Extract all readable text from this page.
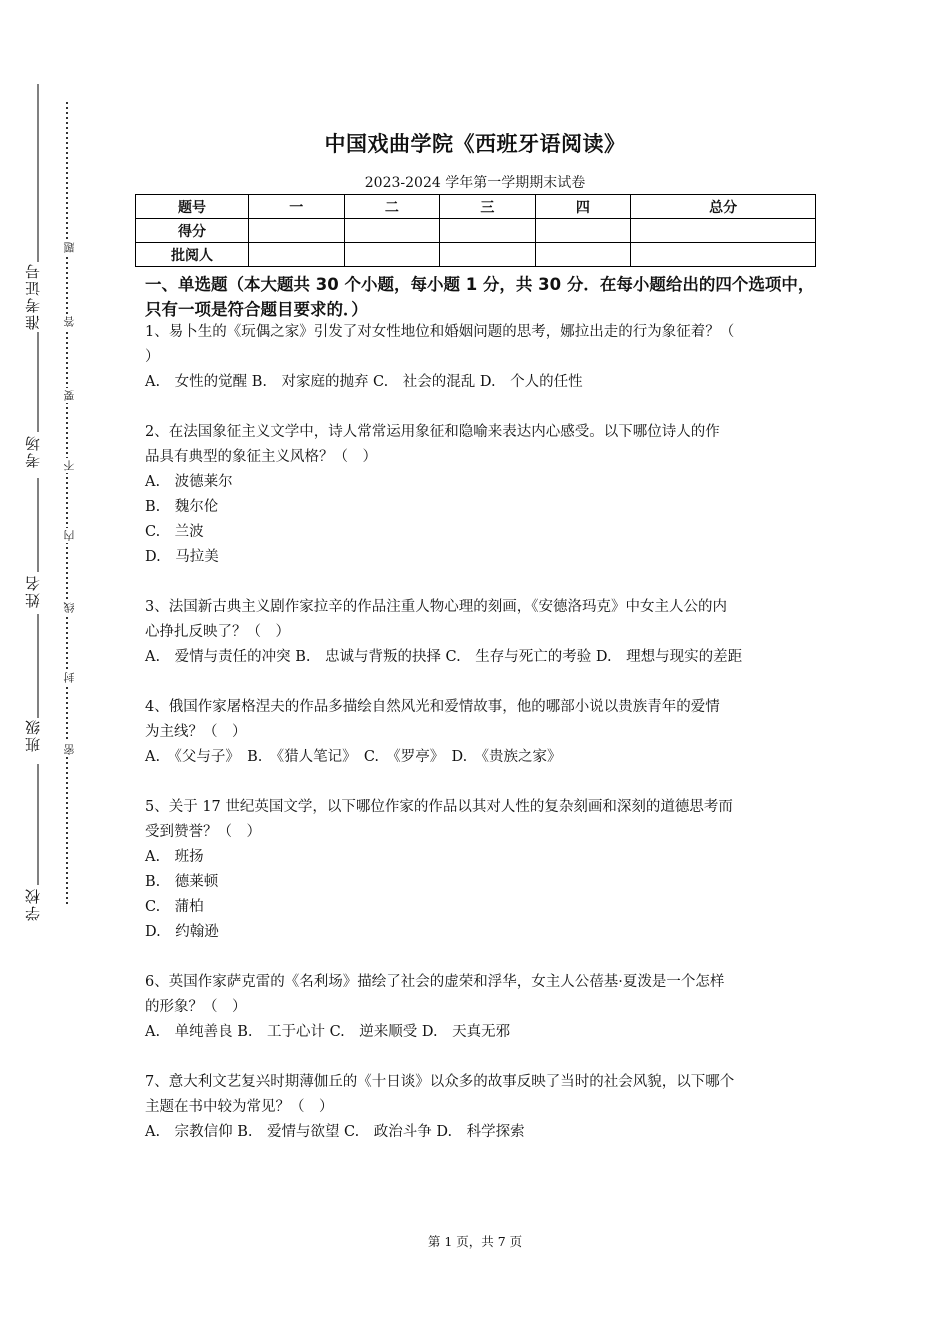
准考证号
考场
姓名
班级
学校
题
答
要
不
内
线
封
密
中国戏曲学院《西班牙语阅读》
2023-2024 学年第一学期期末试卷
题号	一	二	三	四	总分
得分					
批阅人					
一、单选题（本大题共 30 个小题，每小题 1 分，共 30 分．在每小题给出的四个选项中，只有一项是符合题目要求的．）
1、易卜生的《玩偶之家》引发了对女性地位和婚姻问题的思考，娜拉出走的行为象征着？（
）
A.　女性的觉醒 B.　对家庭的抛弃 C.　社会的混乱 D.　个人的任性
2、在法国象征主义文学中，诗人常常运用象征和隐喻来表达内心感受。以下哪位诗人的作
品具有典型的象征主义风格？（　）
A.　波德莱尔
B.　魏尔伦
C.　兰波
D.　马拉美
3、法国新古典主义剧作家拉辛的作品注重人物心理的刻画，《安德洛玛克》中女主人公的内
心挣扎反映了？（　）
A.　爱情与责任的冲突 B.　忠诚与背叛的抉择 C.　生存与死亡的考验 D.　理想与现实的差距
4、俄国作家屠格涅夫的作品多描绘自然风光和爱情故事，他的哪部小说以贵族青年的爱情
为主线？（　）
A.　《父与子》　B.　《猎人笔记》　C.　《罗亭》　D.　《贵族之家》
5、关于 17 世纪英国文学，以下哪位作家的作品以其对人性的复杂刻画和深刻的道德思考而
受到赞誉？（　）
A.　班扬
B.　德莱顿
C.　蒲柏
D.　约翰逊
6、英国作家萨克雷的《名利场》描绘了社会的虚荣和浮华，女主人公蓓基·夏泼是一个怎样
的形象？（　）
A.　单纯善良 B.　工于心计 C.　逆来顺受 D.　天真无邪
7、意大利文艺复兴时期薄伽丘的《十日谈》以众多的故事反映了当时的社会风貌，以下哪个
主题在书中较为常见？（　）
A.　宗教信仰 B.　爱情与欲望 C.　政治斗争 D.　科学探索
第 1 页，共 7 页
